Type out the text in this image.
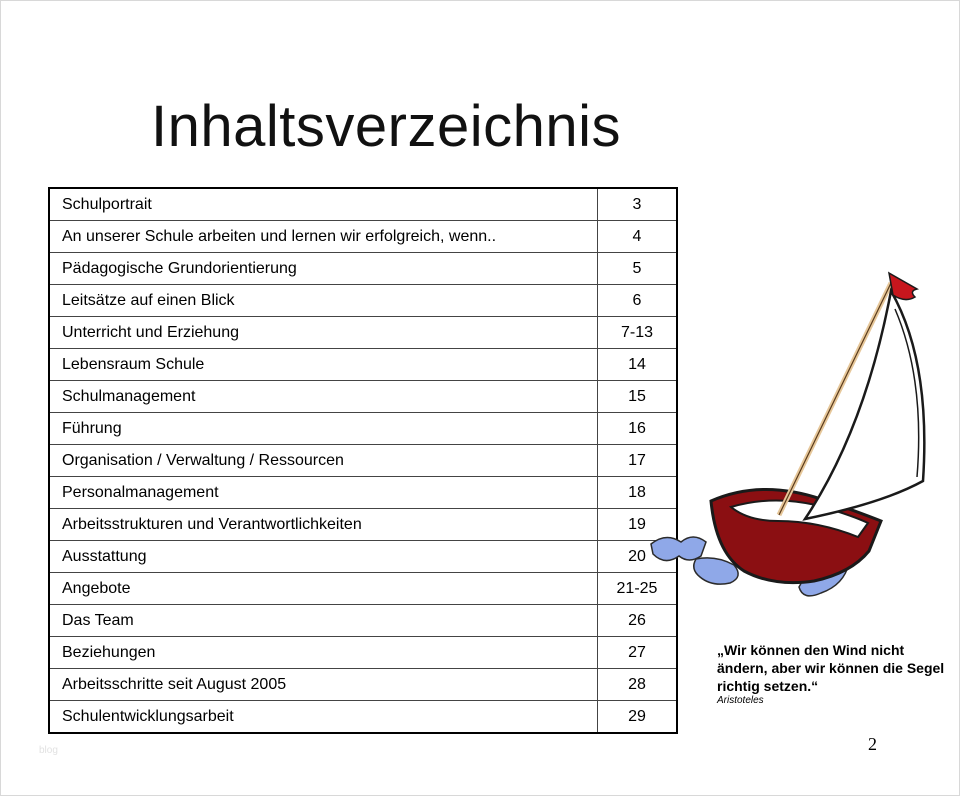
Inhaltsverzeichnis
Schulportrait	3
An unserer Schule arbeiten und lernen wir erfolgreich, wenn..	4
Pädagogische Grundorientierung	5
Leitsätze auf einen Blick	6
Unterricht und Erziehung	7-13
Lebensraum Schule	14
Schulmanagement	15
Führung	16
Organisation / Verwaltung / Ressourcen	17
Personalmanagement	18
Arbeitsstrukturen und Verantwortlichkeiten	19
Ausstattung	20
Angebote	21-25
Das Team	26
Beziehungen	27
Arbeitsschritte seit August 2005	28
Schulentwicklungsarbeit	29
„Wir können den Wind nicht ändern, aber wir können die Segel richtig setzen.“
Aristoteles
2
blog
